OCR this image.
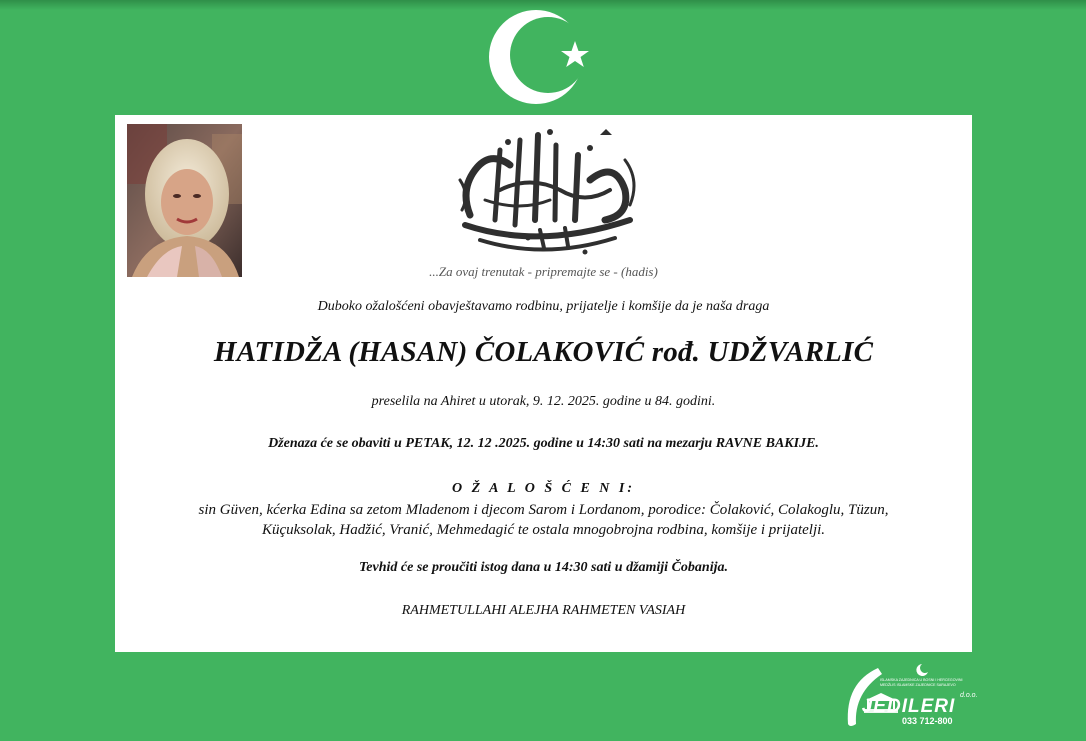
...Za ovaj trenutak - pripremajte se - (hadis)
Duboko ožalošćeni obavještavamo rodbinu, prijatelje i komšije da je naša draga
HATIDŽA (HASAN) ČOLAKOVIĆ rođ. UDŽVARLIĆ
preselila na Ahiret u utorak, 9. 12. 2025. godine u 84. godini.
Dženaza će se obaviti u PETAK, 12. 12 .2025. godine u 14:30 sati na mezarju RAVNE BAKIJE.
O Ž A L O Š Ć E N I:
sin Güven, kćerka Edina sa zetom Mladenom i djecom Sarom i Lordanom, porodice: Čolaković, Colakoglu, Tüzun,
Küçuksolak, Hadžić, Vranić, Mehmedagić te ostala mnogobrojna rodbina, komšije i prijatelji.
Tevhid će se proučiti istog dana u 14:30 sati u džamiji Čobanija.
RAHMETULLAHI ALEJHA RAHMETEN VASIAH
ISLAMSKA ZAJEDNICA U BOSNI I HERCEGOVINI MEDŽLIS ISLAMSKE ZAJEDNICE SARAJEVO
JEDILERI
d.o.o.
033 712-800
